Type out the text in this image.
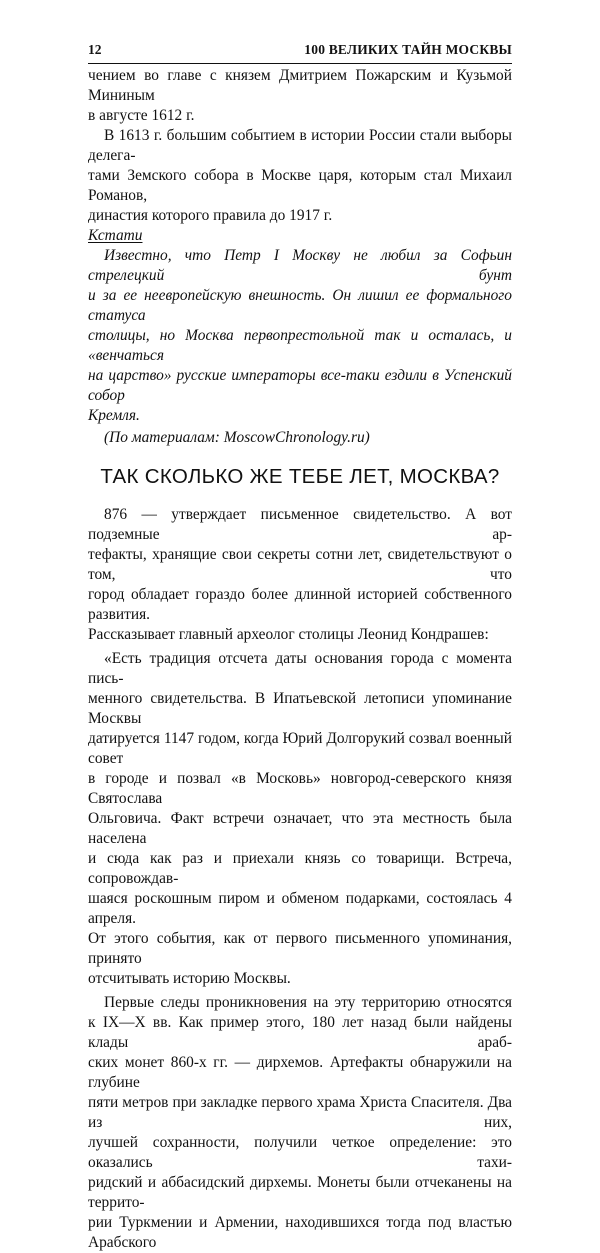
12	100 ВЕЛИКИХ ТАЙН МОСКВЫ

чением во главе с князем Дмитрием Пожарским и Кузьмой Мининым

в августе 1612 г.

В 1613 г. большим событием в истории России стали выборы делега-

тами Земского собора в Москве царя, которым стал Михаил Романов,

династия которого правила до 1917 г.

Кстати

Известно, что Петр I Москву не любил за Софьин стрелецкий бунт

и за ее неевропейскую внешность. Он лишил ее формального статуса

столицы, но Москва первопрестольной так и осталась, и «венчаться

на царство» русские императоры все-таки ездили в Успенский собор

Кремля.

(По материалам: MoscowChronology.ru)

ТАК СКОЛЬКО ЖЕ ТЕБЕ ЛЕТ, МОСКВА?

876 — утверждает письменное свидетельство. А вот подземные ар-

тефакты, хранящие свои секреты сотни лет, свидетельствуют о том, что

город обладает гораздо более длинной историей собственного развития.

Рассказывает главный археолог столицы Леонид Кондрашев:

«Есть традиция отсчета даты основания города с момента пись-

менного свидетельства. В Ипатьевской летописи упоминание Москвы

датируется 1147 годом, когда Юрий Долгорукий созвал военный совет

в городе и позвал «в Московь» новгород-северского князя Святослава

Ольговича. Факт встречи означает, что эта местность была населена

и сюда как раз и приехали князь со товарищи. Встреча, сопровождав-

шаяся роскошным пиром и обменом подарками, состоялась 4 апреля.

От этого события, как от первого письменного упоминания, принято

отсчитывать историю Москвы.

Первые следы проникновения на эту территорию относятся

к IX—X вв. Как пример этого, 180 лет назад были найдены клады араб-

ских монет 860-х гг. — дирхемов. Артефакты обнаружили на глубине

пяти метров при закладке первого храма Христа Спасителя. Два из них,

лучшей сохранности, получили четкое определение: это оказались тахи-

ридский и аббасидский дирхемы. Монеты были отчеканены на террито-

рии Туркмении и Армении, находившихся тогда под властью Арабского
